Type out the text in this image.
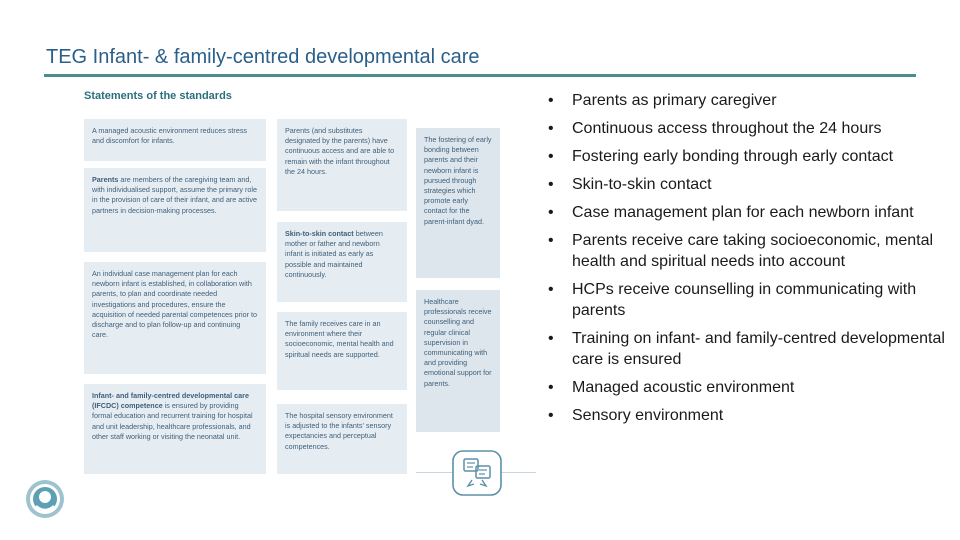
TEG Infant- & family-centred developmental care
Statements of the standards
A managed acoustic environment reduces stress and discomfort for infants.
Parents are members of the caregiving team and, with individualised support, assume the primary role in the provision of care of their infant, and are active partners in decision-making processes.
An individual case management plan for each newborn infant is established, in collaboration with parents, to plan and coordinate needed investigations and procedures, ensure the acquisition of needed parental competences prior to discharge and to plan follow-up and continuing care.
Infant- and family-centred developmental care (IFCDC) competence is ensured by providing formal education and recurrent training for hospital and unit leadership, healthcare professionals, and other staff working or visiting the neonatal unit.
Parents (and substitutes designated by the parents) have continuous access and are able to remain with the infant throughout the 24 hours.
Skin-to-skin contact between mother or father and newborn infant is initiated as early as possible and maintained continuously.
The family receives care in an environment where their socioeconomic, mental health and spiritual needs are supported.
The hospital sensory environment is adjusted to the infants' sensory expectancies and perceptual competences.
The fostering of early bonding between parents and their newborn infant is pursued through strategies which promote early contact for the parent-infant dyad.
Healthcare professionals receive counselling and regular clinical supervision in communicating with and providing emotional support for parents.
•	Parents as primary caregiver
•	Continuous access throughout the 24 hours
•	Fostering early bonding through early contact
•	Skin-to-skin contact
•	Case management plan for each newborn infant
•	Parents receive care taking socioeconomic, mental health and spiritual needs into account
•	HCPs receive counselling in communicating with parents
•	Training on infant- and family-centred developmental care is ensured
•	Managed acoustic environment
•	Sensory environment
